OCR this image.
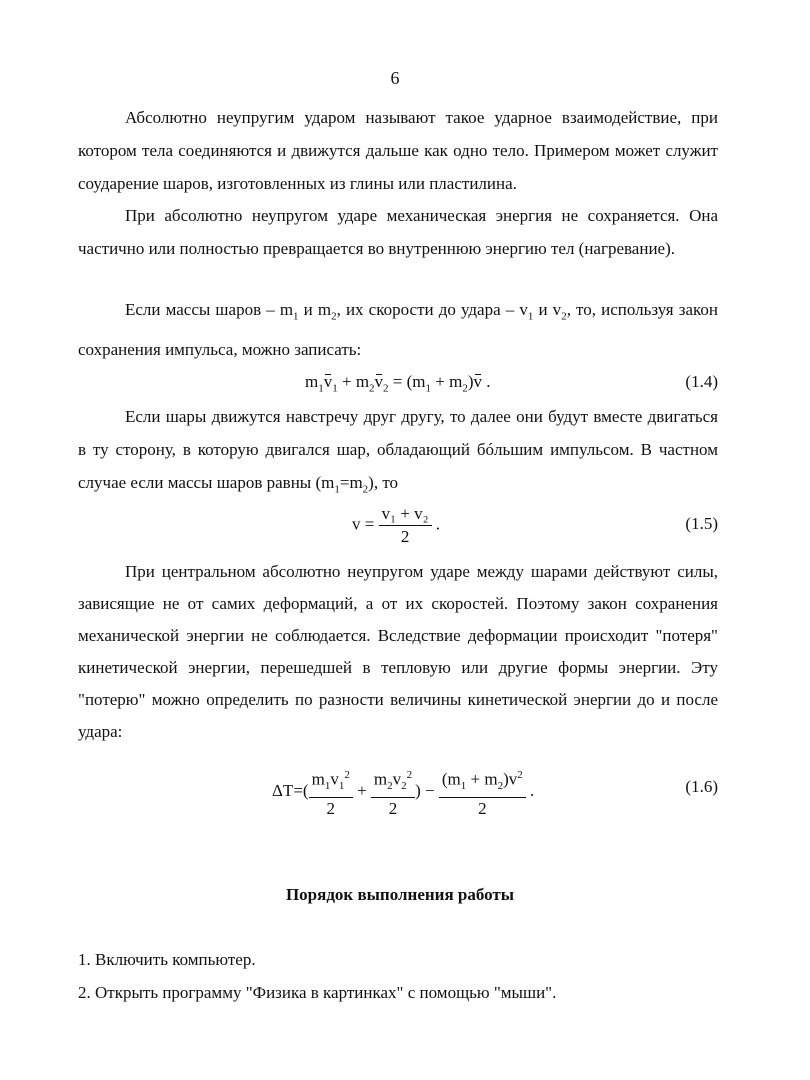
6

Абсолютно неупругим ударом называют такое ударное взаимодействие, при котором тела соединяются и движутся дальше как одно тело. Примером может служит соударение шаров, изготовленных из глины или пластилина.

При абсолютно неупругом ударе механическая энергия не сохраняется. Она частично или полностью превращается во внутреннюю энергию тел (нагревание).

Если массы шаров – $m_1$ и $m_2$, их скорости до удара – $v_1$ и $v_2$, то, используя закон сохранения импульса, можно записать:

$m_1v_1 + m_2v_2 = (m_1 + m_2)v$ .	(1.4)

Если шары движутся навстречу друг другу, то далее они будут вместе двигаться в ту сторону, в которую двигался шар, обладающий бóльшим импульсом. В частном случае если массы шаров равны $(m_1=m_2)$, то

$v = \frac{\text{v₁ + v₂}}{2}$ .	(1.5)

При центральном абсолютно неупругом ударе между шарами действуют силы, зависящие не от самих деформаций, а от их скоростей. Поэтому закон сохранения механической энергии не соблюдается. Вследствие деформации происходит "потеря" кинетической энергии, перешедшей в тепловую или другие формы энергии. Эту "потерю" можно определить по разности величины кинетической энергии до и после удара:

$\Delta T=( \frac{m_1v_1^2}{2} + \frac{m_2v_2^2}{2}$ ) − $\frac{(m_1 + m_2)v^2}{2}$ .	(1.6)
Порядок выполнения работы
1. Включить компьютер.
2. Открыть программу "Физика в картинках" с помощью "мыши".
